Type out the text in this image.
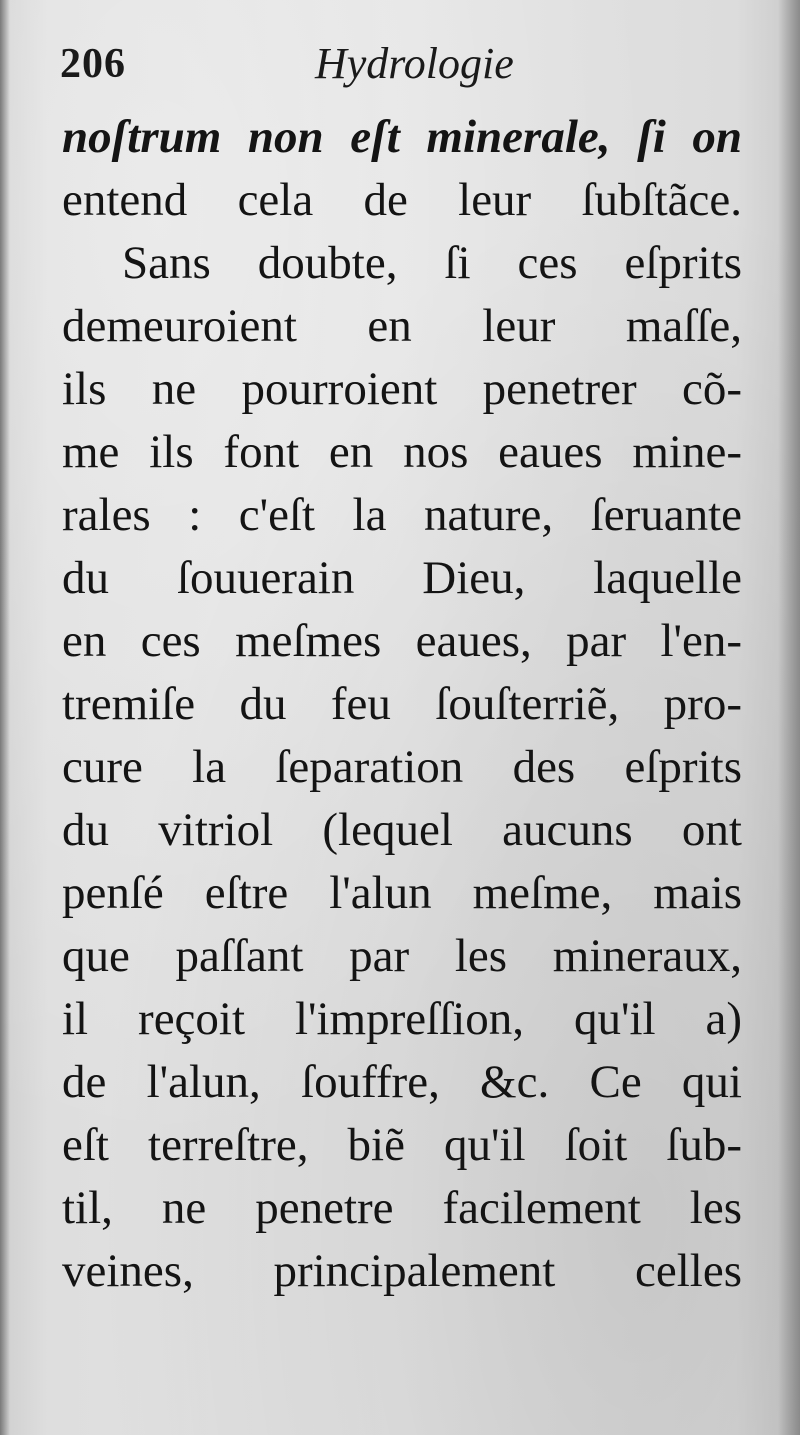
206	Hydrologie
noſtrum non eſt minerale, ſi on
entend cela de leur ſubſtãce.
Sans doubte, ſi ces eſprits
demeuroient en leur maſſe,
ils ne pourroient penetrer cõ-
me ils font en nos eaues mine-
rales : c'eſt la nature, ſeruante
du ſouuerain Dieu, laquelle
en ces meſmes eaues, par l'en-
tremiſe du feu ſouſterriẽ, pro-
cure la ſeparation des eſprits
du vitriol (lequel aucuns ont
penſé eſtre l'alun meſme, mais
que paſſant par les mineraux,
il reçoit l'impreſſion, qu'il a)
de l'alun, ſouffre, &c. Ce qui
eſt terreſtre, biẽ qu'il ſoit ſub-
til, ne penetre facilement les
veines, principalement celles
